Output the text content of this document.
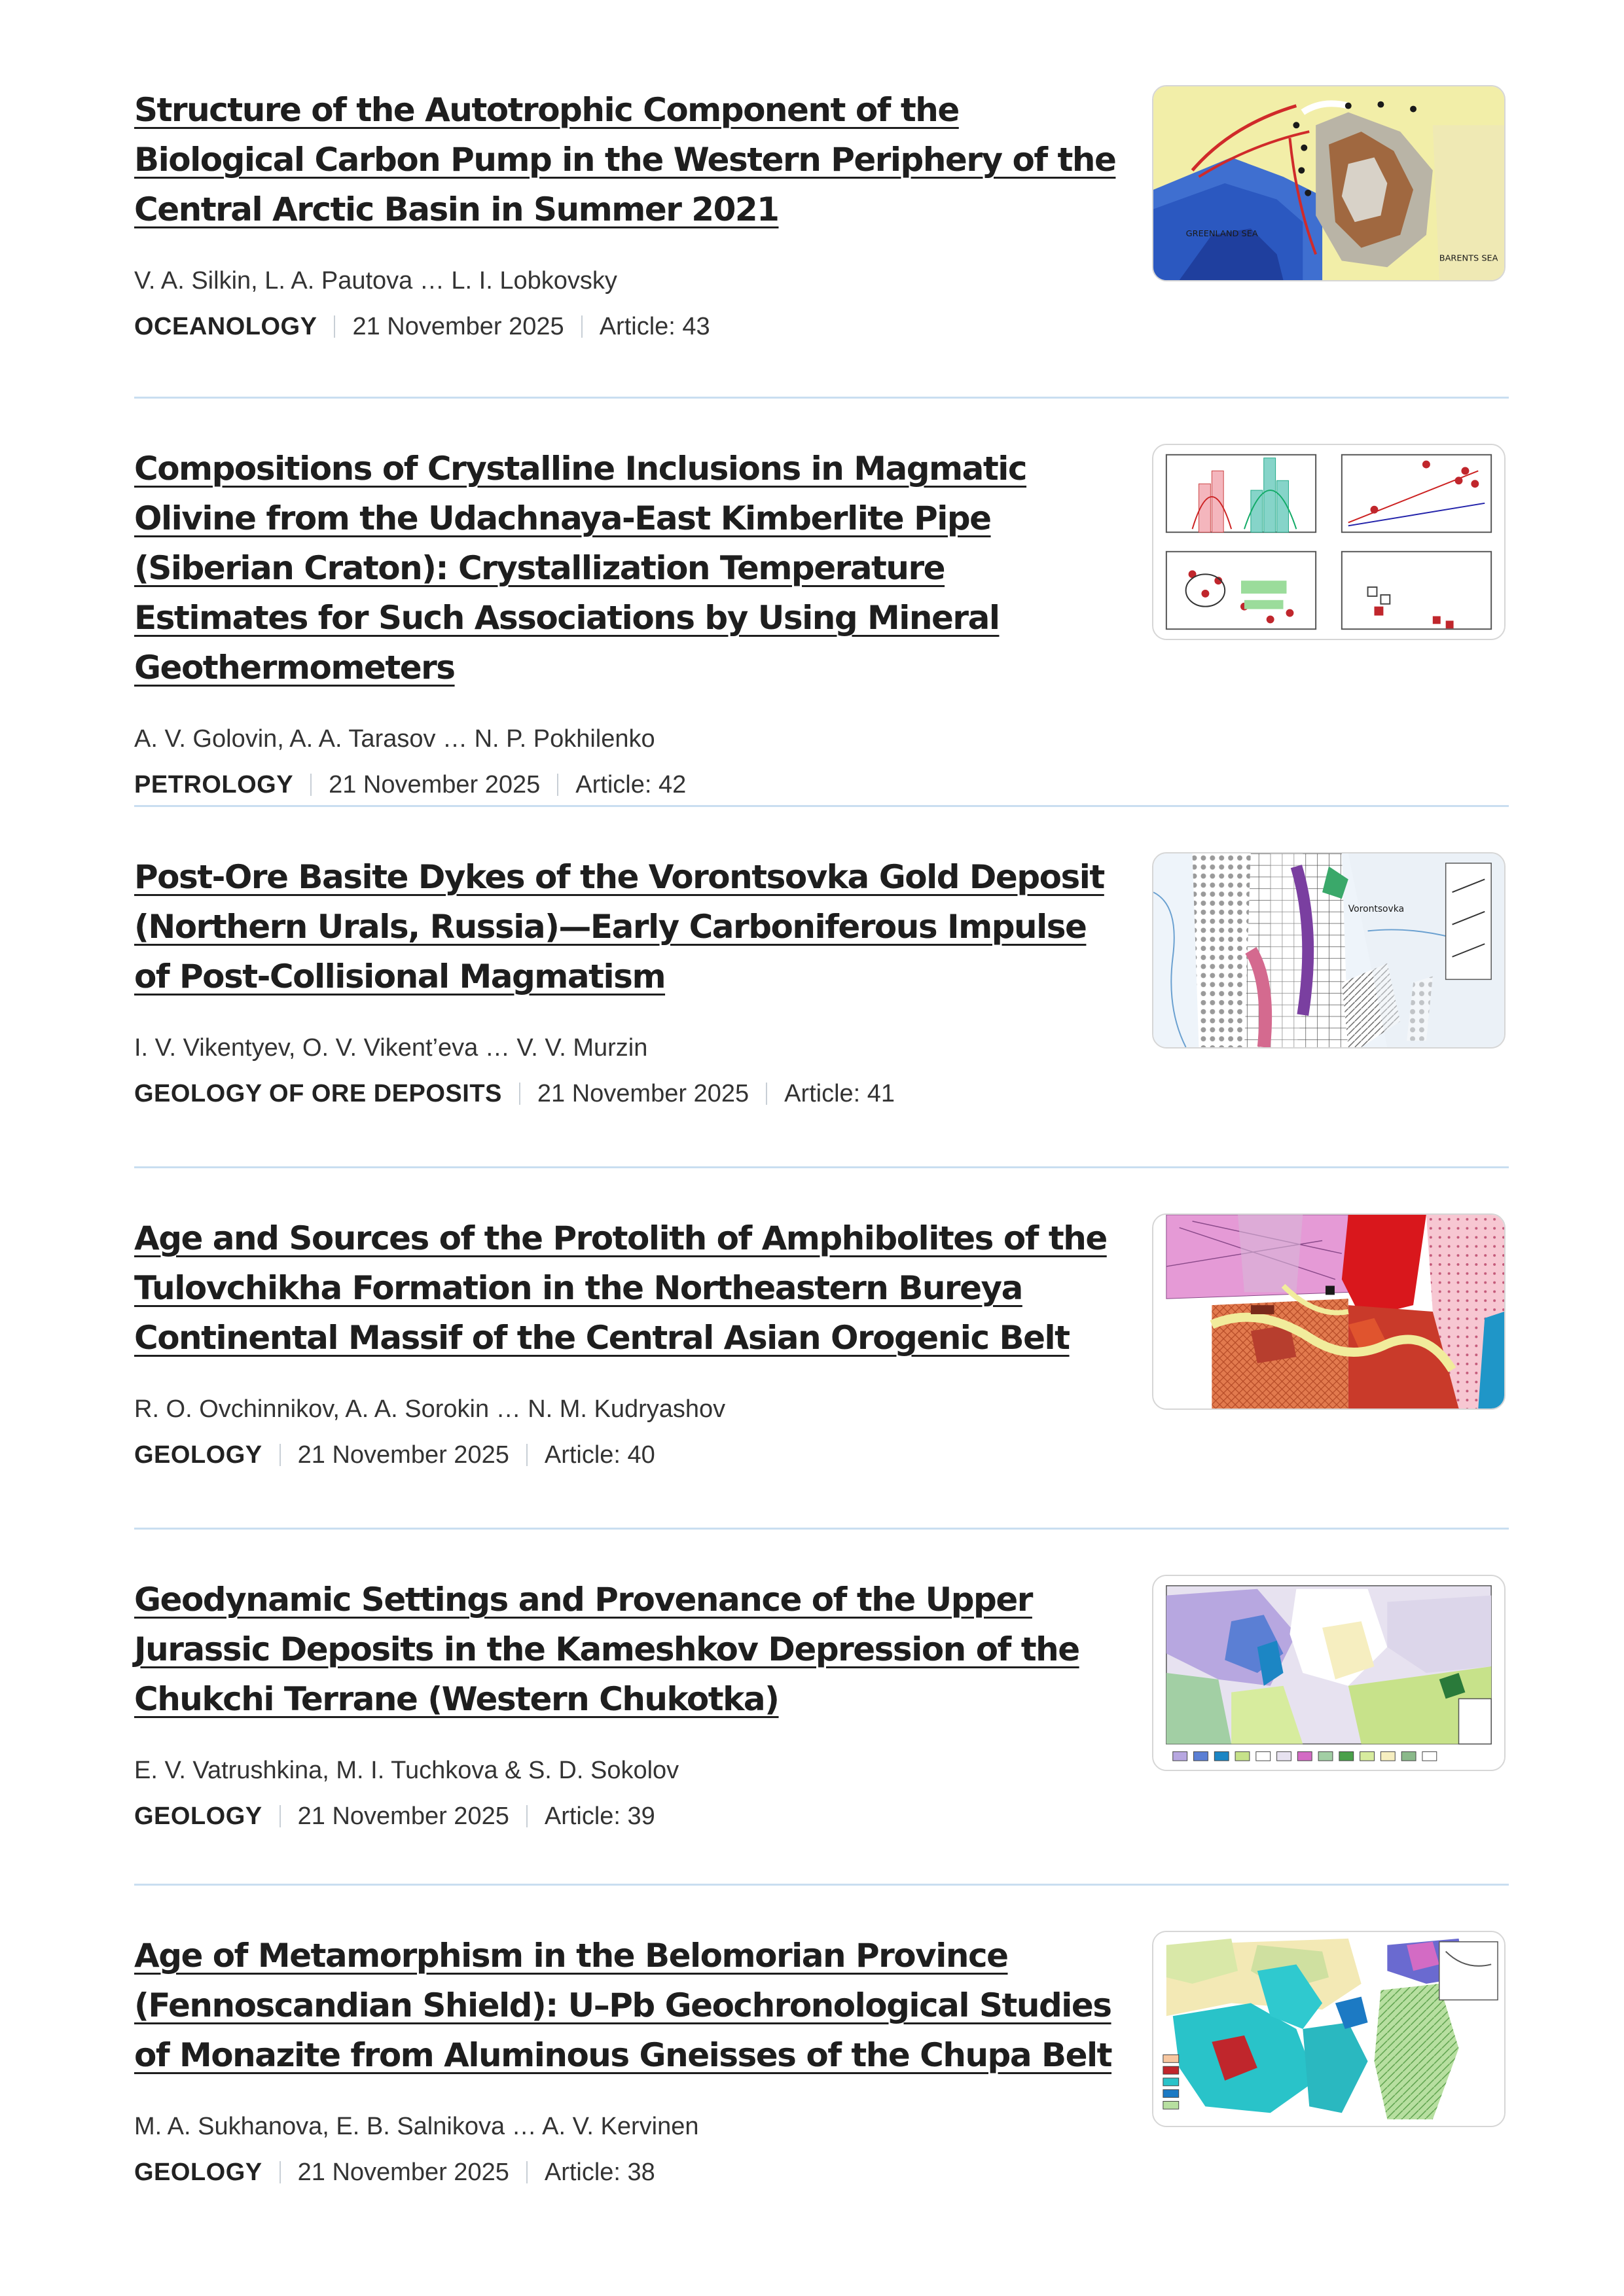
Structure of the Autotrophic Component of the Biological Carbon Pump in the Western Periphery of the Central Arctic Basin in Summer 2021
V. A. Silkin, L. A. Pautova … L. I. Lobkovsky
OCEANOLOGY 21 November 2025 Article: 43
GREENLAND SEA
BARENTS SEA
Compositions of Crystalline Inclusions in Magmatic Olivine from the Udachnaya-East Kimberlite Pipe (Siberian Craton): Crystallization Temperature Estimates for Such Associations by Using Mineral Geothermometers
A. V. Golovin, A. A. Tarasov … N. P. Pokhilenko
PETROLOGY 21 November 2025 Article: 42
Post-Ore Basite Dykes of the Vorontsovka Gold Deposit (Northern Urals, Russia)—Early Carboniferous Impulse of Post-Collisional Magmatism
I. V. Vikentyev, O. V. Vikent’eva … V. V. Murzin
GEOLOGY OF ORE DEPOSITS 21 November 2025 Article: 41
Vorontsovka
Age and Sources of the Protolith of Amphibolites of the Tulovchikha Formation in the Northeastern Bureya Continental Massif of the Central Asian Orogenic Belt
R. O. Ovchinnikov, A. A. Sorokin … N. M. Kudryashov
GEOLOGY 21 November 2025 Article: 40
Geodynamic Settings and Provenance of the Upper Jurassic Deposits in the Kameshkov Depression of the Chukchi Terrane (Western Chukotka)
E. V. Vatrushkina, M. I. Tuchkova & S. D. Sokolov
GEOLOGY 21 November 2025 Article: 39
Age of Metamorphism in the Belomorian Province (Fennoscandian Shield): U–Pb Geochronological Studies of Monazite from Aluminous Gneisses of the Chupa Belt
M. A. Sukhanova, E. B. Salnikova … A. V. Kervinen
GEOLOGY 21 November 2025 Article: 38
